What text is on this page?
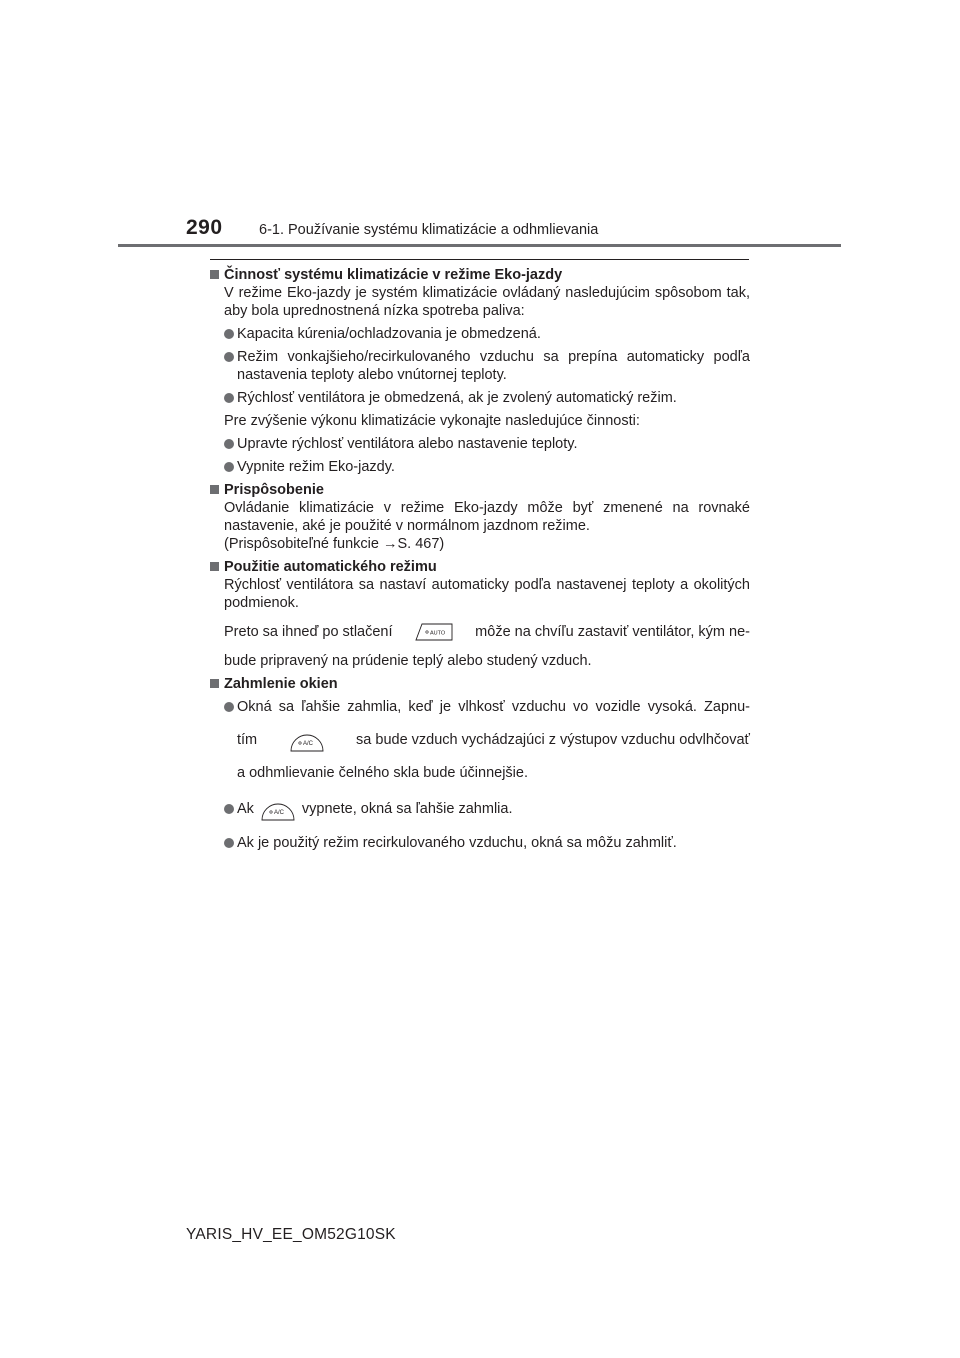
290	6-1. Používanie systému klimatizácie a odhmlievania

Činnosť systému klimatizácie v režime Eko-jazdy

V režime Eko-jazdy je systém klimatizácie ovládaný nasledujúcim spôsobom tak, aby bola uprednostnená nízka spotreba paliva:

Kapacita kúrenia/ochladzovania je obmedzená.

Režim vonkajšieho/recirkulovaného vzduchu sa prepína automaticky podľa nastavenia teploty alebo vnútornej teploty.

Rýchlosť ventilátora je obmedzená, ak je zvolený automatický režim.

Pre zvýšenie výkonu klimatizácie vykonajte nasledujúce činnosti:

Upravte rýchlosť ventilátora alebo nastavenie teploty.

Vypnite režim Eko-jazdy.

Prispôsobenie

Ovládanie klimatizácie v režime Eko-jazdy môže byť zmenené na rovnaké nastavenie, aké je použité v normálnom jazdnom režime.

(Prispôsobiteľné funkcie →S. 467)

Použitie automatického režimu

Rýchlosť ventilátora sa nastaví automaticky podľa nastavenej teploty a okolitých podmienok.

Preto sa ihneď po stlačení	AUTO môže na chvíľu zastaviť ventilátor, kým ne-

bude pripravený na prúdenie teplý alebo studený vzduch.

Zahmlenie okien

Okná sa ľahšie zahmlia, keď je vlhkosť vzduchu vo vozidle vysoká. Zapnu-
tím	A/C	sa bude vzduch vychádzajúci z výstupov vzduchu odvlhčovať
a odhmlievanie čelného skla bude účinnejšie.
Ak	A/C vypnete, okná sa ľahšie zahmlia.

Ak je použitý režim recirkulovaného vzduchu, okná sa môžu zahmliť.

YARIS_HV_EE_OM52G10SK
